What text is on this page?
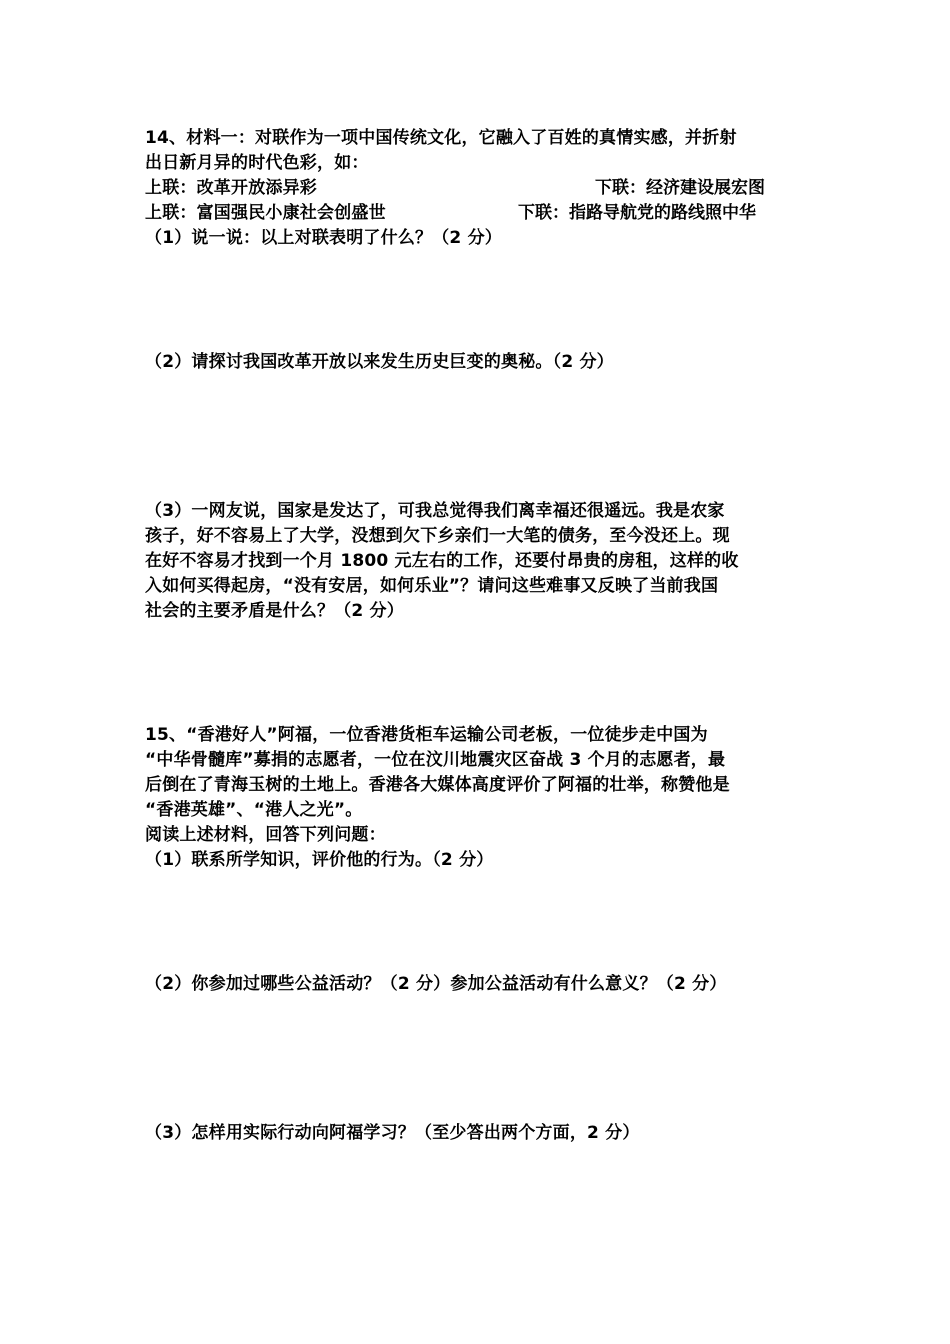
14、材料一：对联作为一项中国传统文化，它融入了百姓的真情实感，并折射
出日新月异的时代色彩，如：
上联：改革开放添异彩	下联：经济建设展宏图
上联：富国强民小康社会创盛世	下联：指路导航党的路线照中华
（1）说一说：以上对联表明了什么？（2 分）
（2）请探讨我国改革开放以来发生历史巨变的奥秘。（2 分）
（3）一网友说，国家是发达了，可我总觉得我们离幸福还很遥远。我是农家
孩子，好不容易上了大学，没想到欠下乡亲们一大笔的债务，至今没还上。现
在好不容易才找到一个月 1800 元左右的工作，还要付昂贵的房租，这样的收
入如何买得起房，“没有安居，如何乐业”？请问这些难事又反映了当前我国
社会的主要矛盾是什么？（2 分）
15、“香港好人”阿福，一位香港货柜车运输公司老板，一位徒步走中国为
“中华骨髓库”募捐的志愿者，一位在汶川地震灾区奋战 3 个月的志愿者，最
后倒在了青海玉树的土地上。香港各大媒体高度评价了阿福的壮举，称赞他是
“香港英雄”、“港人之光”。
阅读上述材料，回答下列问题：
（1）联系所学知识，评价他的行为。（2 分）
（2）你参加过哪些公益活动？（2 分）参加公益活动有什么意义？（2 分）
（3）怎样用实际行动向阿福学习？（至少答出两个方面，2 分）
